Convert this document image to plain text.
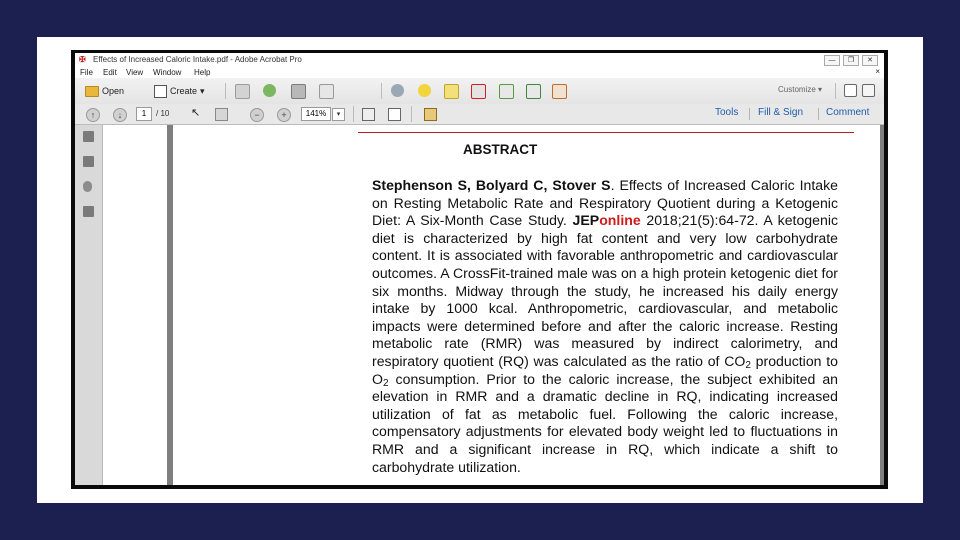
✠ Effects of Increased Caloric Intake.pdf - Adobe Acrobat Pro	—	❐	✕
File Edit View Window Help	×
Open	Create ▾	Customize ▾
↑	↓	1	/ 10 ↖	−	+	141%	▾	Tools Fill & Sign Comment
ABSTRACT
Stephenson S, Bolyard C, Stover S. Effects of Increased Caloric Intake on Resting Metabolic Rate and Respiratory Quotient during a Ketogenic Diet: A Six-Month Case Study. JEPonline 2018;21(5):64-72. A ketogenic diet is characterized by high fat content and very low carbohydrate content. It is associated with favorable anthropometric and cardiovascular outcomes. A CrossFit-trained male was on a high protein ketogenic diet for six months. Midway through the study, he increased his daily energy intake by 1000 kcal. Anthropometric, cardiovascular, and metabolic impacts were determined before and after the caloric increase. Resting metabolic rate (RMR) was measured by indirect calorimetry, and respiratory quotient (RQ) was calculated as the ratio of $CO_2$ production to $O_2$ consumption. Prior to the caloric increase, the subject exhibited an elevation in RMR and a dramatic decline in RQ, indicating increased utilization of fat as metabolic fuel. Following the caloric increase, compensatory adjustments for elevated body weight led to fluctuations in RMR and a significant increase in RQ, which indicate a shift to carbohydrate utilization.
